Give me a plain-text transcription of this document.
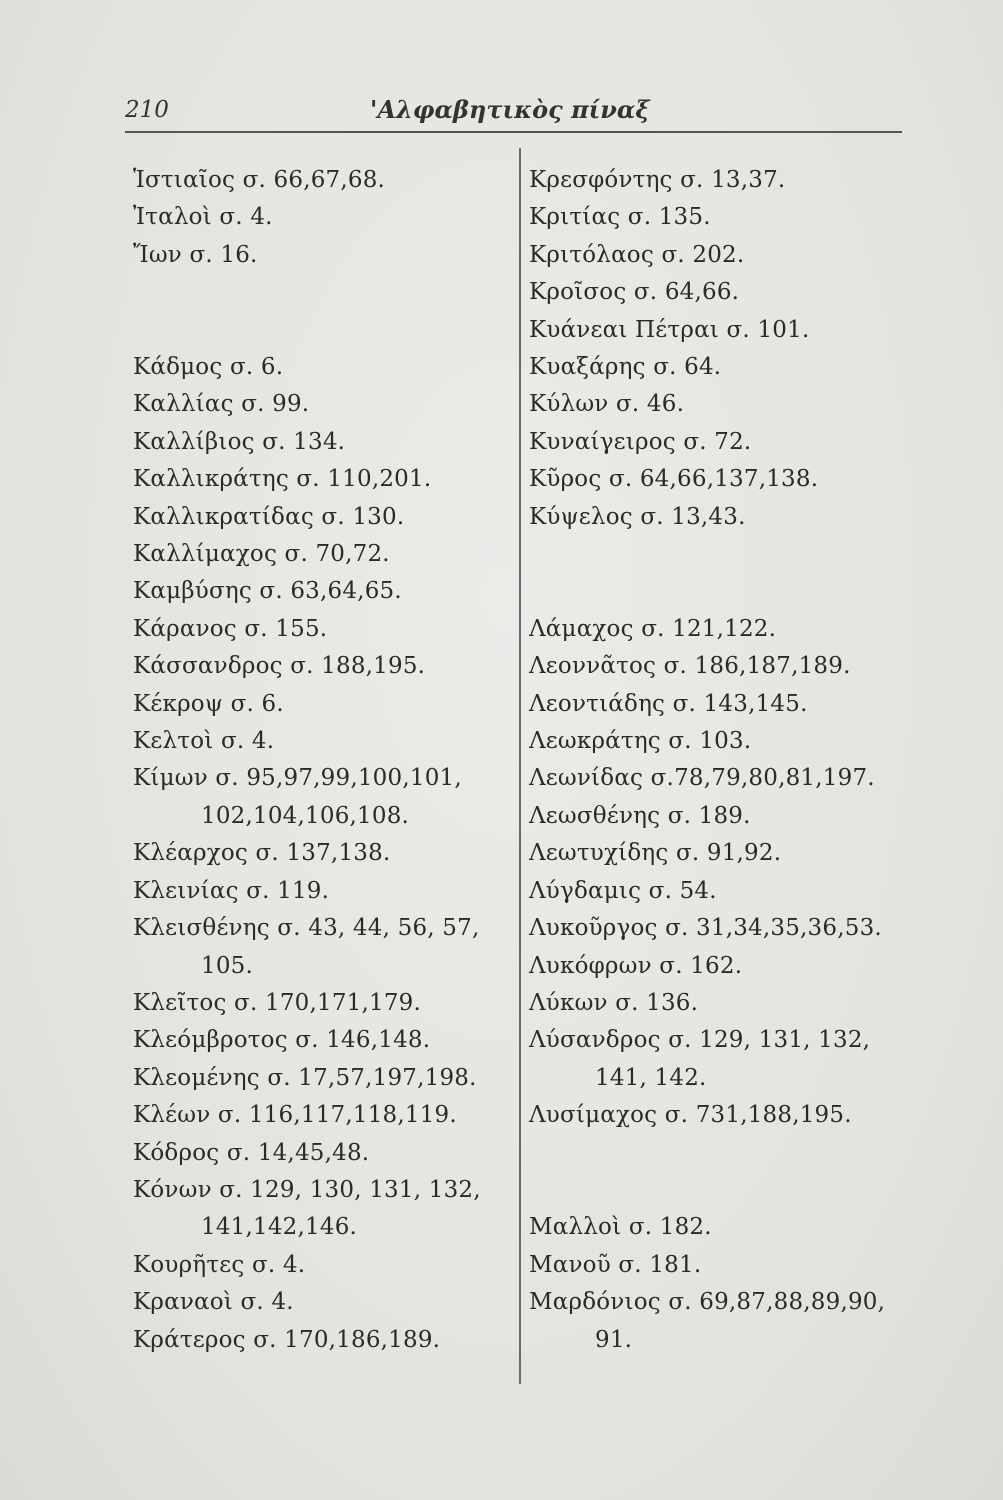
210	'Αλφαβητικὸς πίναξ
Ἱστιαῖος σ. 66,67,68.
Ἰταλοὶ σ. 4.
Ἴων σ. 16.
Κάδμος σ. 6.
Καλλίας σ. 99.
Καλλίβιος σ. 134.
Καλλικράτης σ. 110,201.
Καλλικρατίδας σ. 130.
Καλλίμαχος σ. 70,72.
Καμβύσης σ. 63,64,65.
Κάρανος σ. 155.
Κάσσανδρος σ. 188,195.
Κέκροψ σ. 6.
Κελτοὶ σ. 4.
Κίμων σ. 95,97,99,100,101,
102,104,106,108.
Κλέαρχος σ. 137,138.
Κλεινίας σ. 119.
Κλεισθένης σ. 43, 44, 56, 57,
105.
Κλεῖτος σ. 170,171,179.
Κλεόμβροτος σ. 146,148.
Κλεομένης σ. 17,57,197,198.
Κλέων σ. 116,117,118,119.
Κόδρος σ. 14,45,48.
Κόνων σ. 129, 130, 131, 132,
141,142,146.
Κουρῆτες σ. 4.
Κραναοὶ σ. 4.
Κράτερος σ. 170,186,189.
Κρεσφόντης σ. 13,37.
Κριτίας σ. 135.
Κριτόλαος σ. 202.
Κροῖσος σ. 64,66.
Κυάνεαι Πέτραι σ. 101.
Κυαξάρης σ. 64.
Κύλων σ. 46.
Κυναίγειρος σ. 72.
Κῦρος σ. 64,66,137,138.
Κύψελος σ. 13,43.
Λάμαχος σ. 121,122.
Λεοννᾶτος σ. 186,187,189.
Λεοντιάδης σ. 143,145.
Λεωκράτης σ. 103.
Λεωνίδας σ.78,79,80,81,197.
Λεωσθένης σ. 189.
Λεωτυχίδης σ. 91,92.
Λύγδαμις σ. 54.
Λυκοῦργος σ. 31,34,35,36,53.
Λυκόφρων σ. 162.
Λύκων σ. 136.
Λύσανδρος σ. 129, 131, 132,
141, 142.
Λυσίμαχος σ. 731,188,195.
Μαλλοὶ σ. 182.
Μανοῦ σ. 181.
Μαρδόνιος σ. 69,87,88,89,90,
91.
